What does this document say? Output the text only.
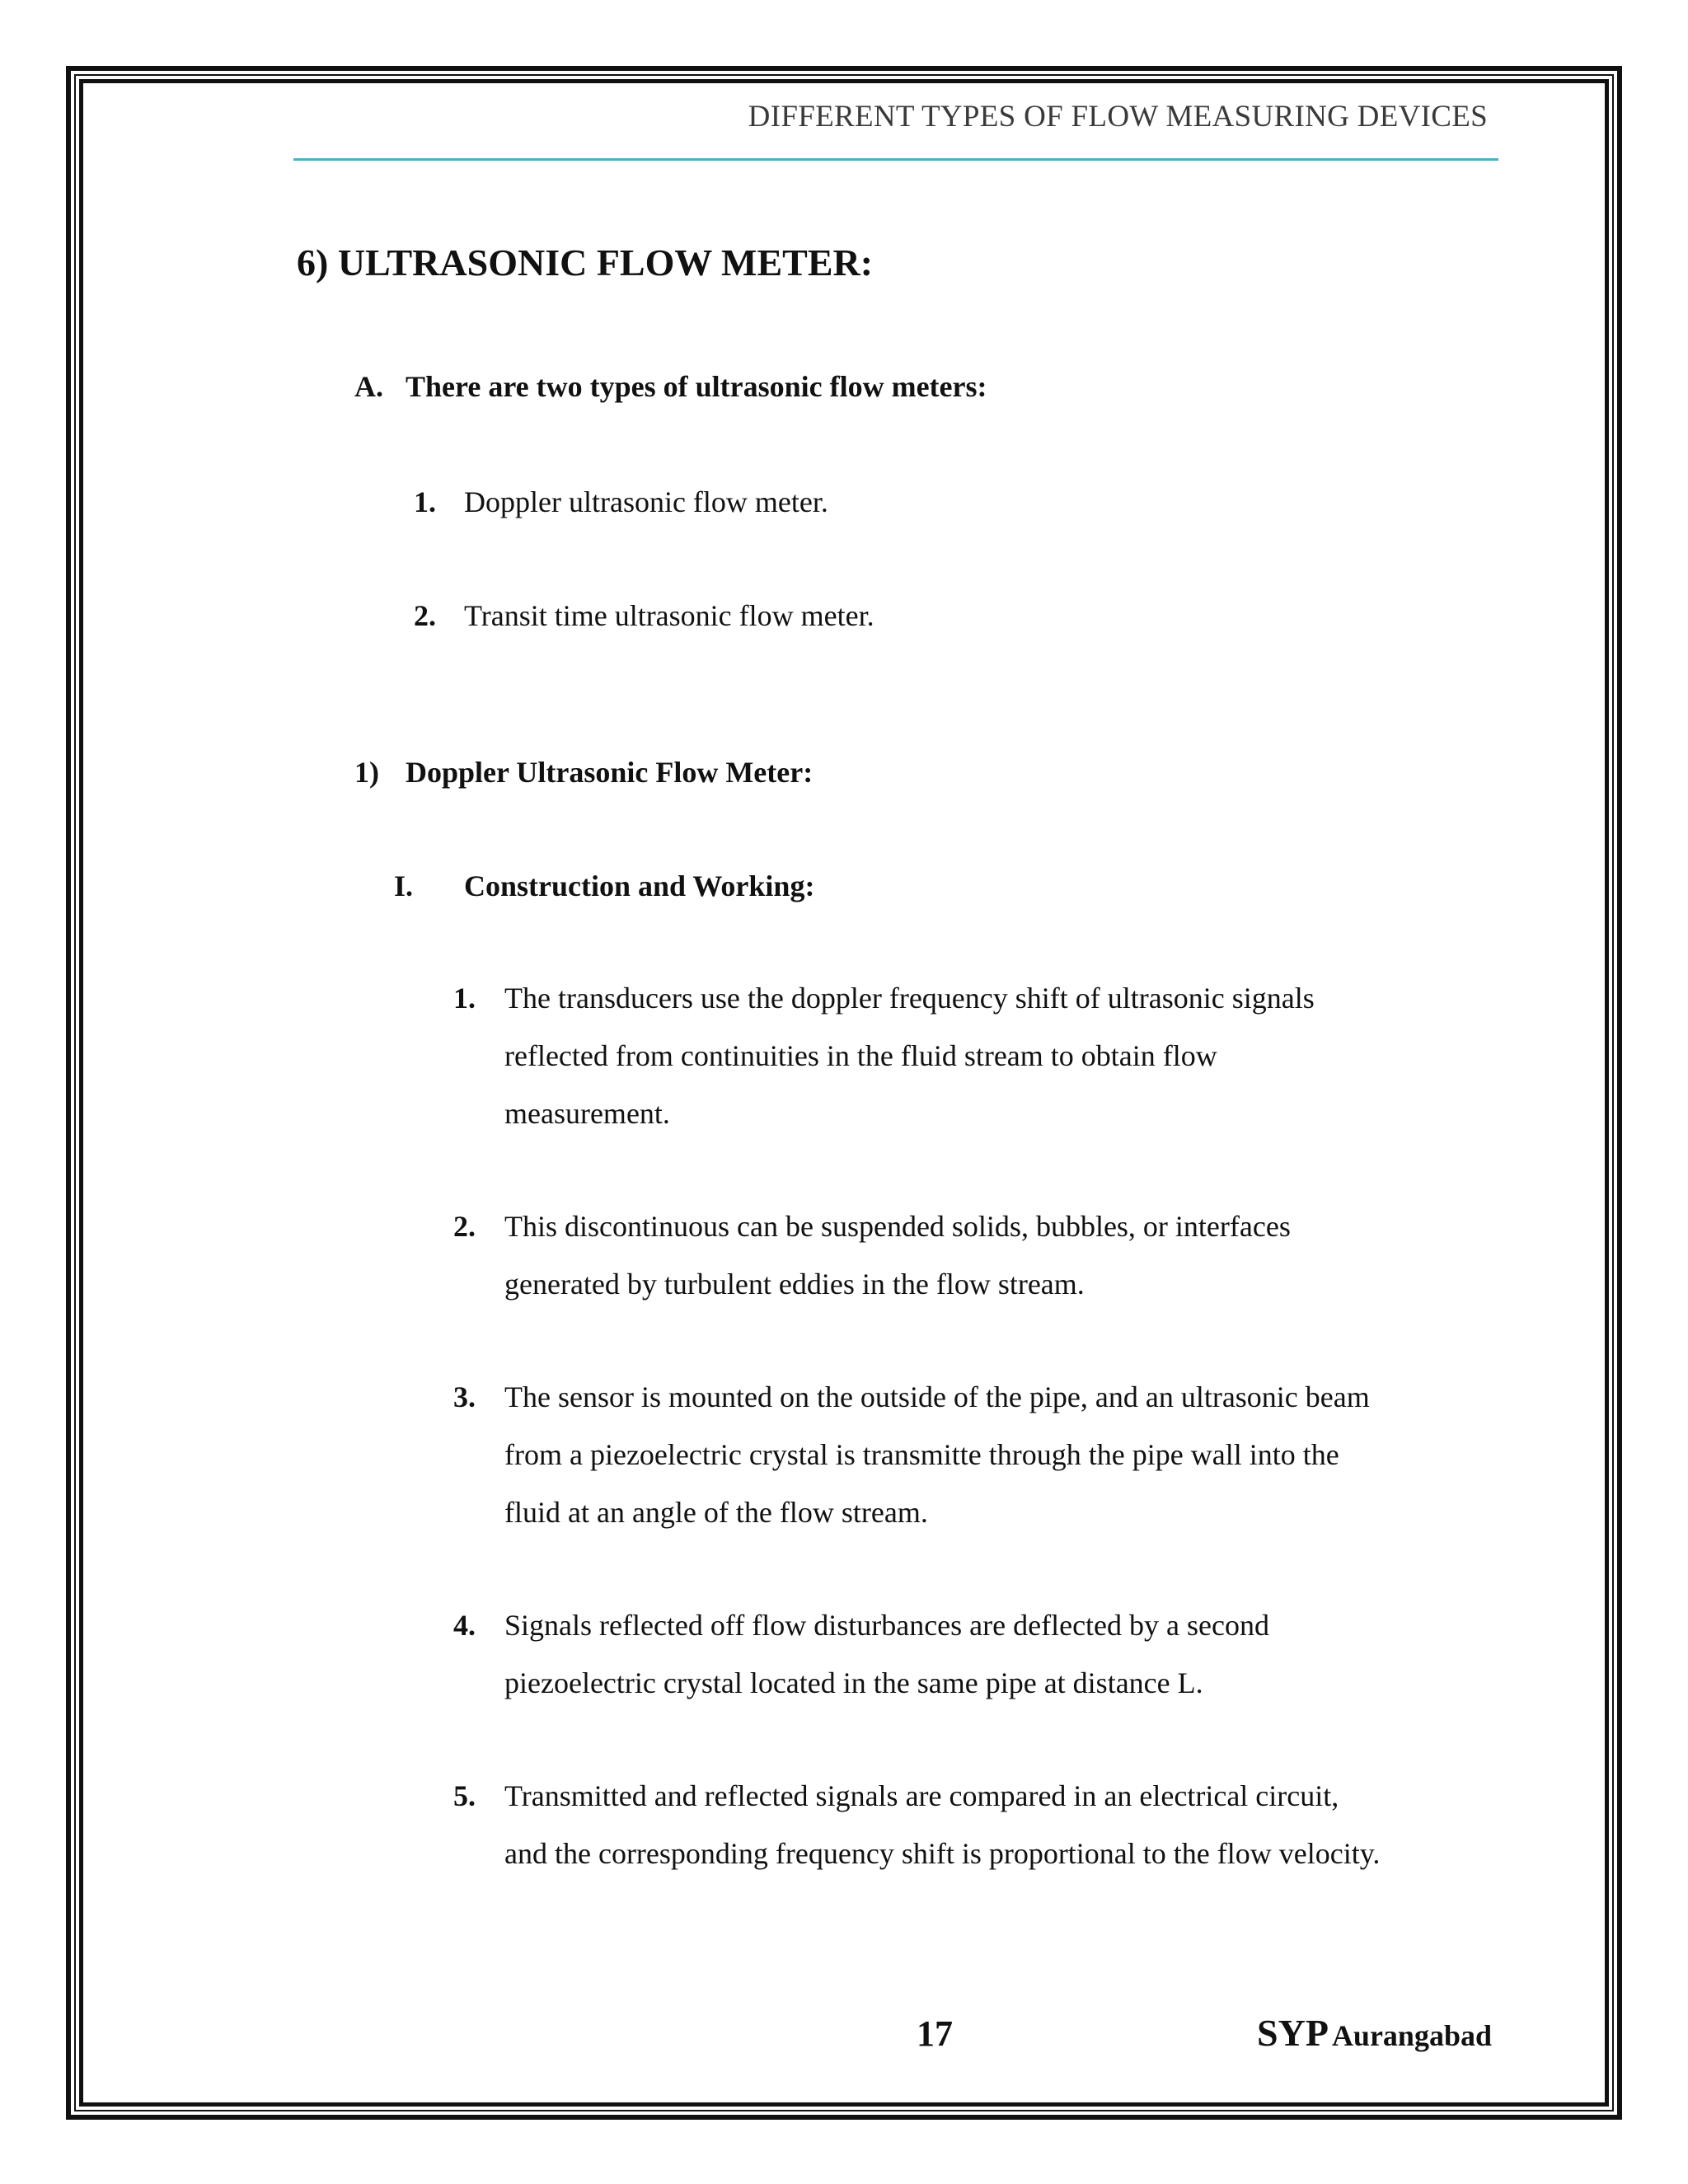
DIFFERENT TYPES OF FLOW MEASURING DEVICES
6) ULTRASONIC FLOW METER:
A. There are two types of ultrasonic flow meters:
1. Doppler ultrasonic flow meter.
2. Transit time ultrasonic flow meter.
1) Doppler Ultrasonic Flow Meter:
I. Construction and Working:
1. The transducers use the doppler frequency shift of ultrasonic signals
reflected from continuities in the fluid stream to obtain flow
measurement.
2. This discontinuous can be suspended solids, bubbles, or interfaces
generated by turbulent eddies in the flow stream.
3. The sensor is mounted on the outside of the pipe, and an ultrasonic beam
from a piezoelectric crystal is transmitte through the pipe wall into the
fluid at an angle of the flow stream.
4. Signals reflected off flow disturbances are deflected by a second
piezoelectric crystal located in the same pipe at distance L.
5. Transmitted and reflected signals are compared in an electrical circuit,
and the corresponding frequency shift is proportional to the flow velocity.
17	SYP Aurangabad
